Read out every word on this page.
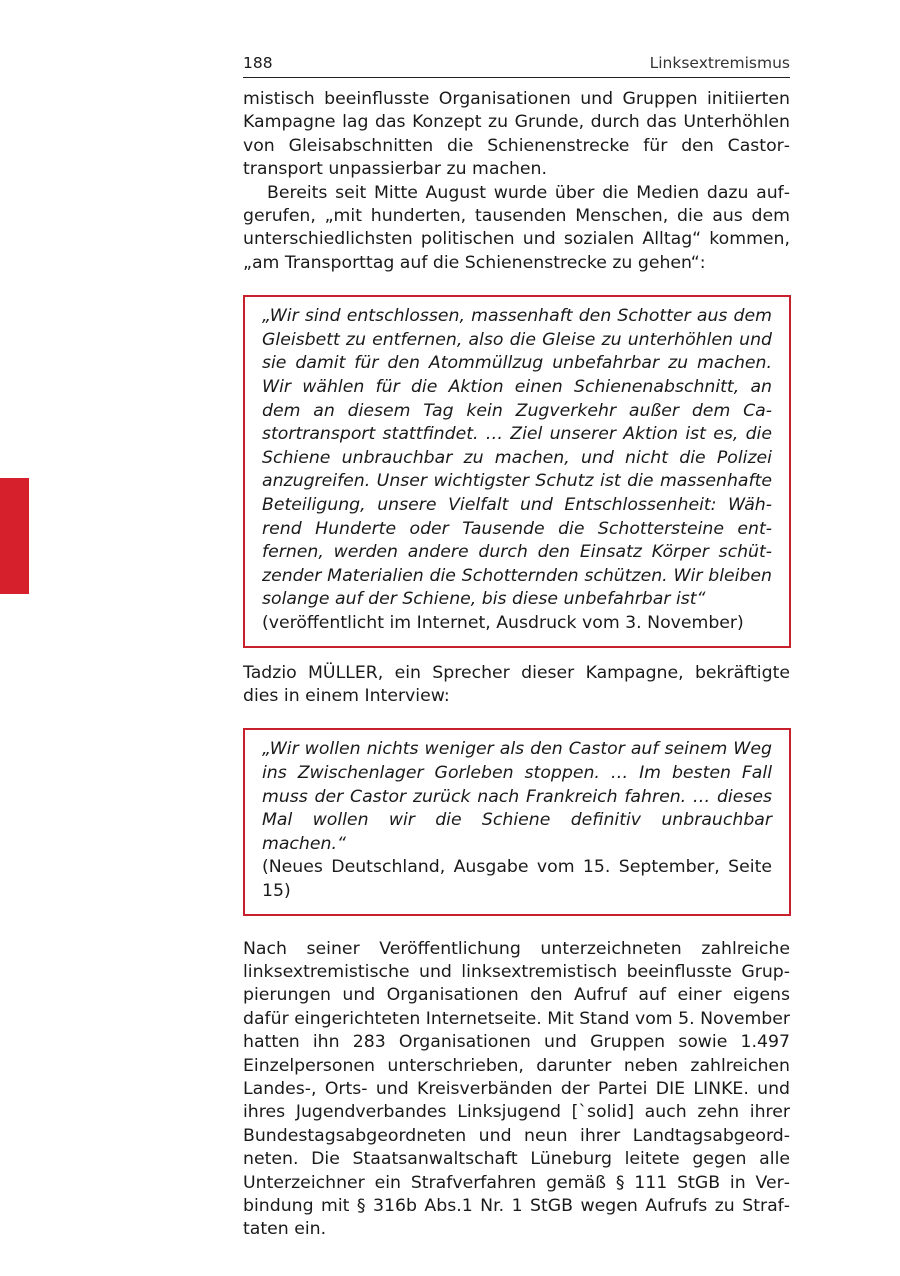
188	Linksextremismus

mistisch beeinflusste Organisationen und Gruppen initiierten Kampagne lag das Konzept zu Grunde, durch das Unterhöhlen von Gleisabschnitten die Schienenstrecke für den Castortransport unpassierbar zu machen.

Bereits seit Mitte August wurde über die Medien dazu aufgerufen, „mit hunderten, tausenden Menschen, die aus dem unterschiedlichsten politischen und sozialen Alltag“ kommen, „am Transporttag auf die Schienenstrecke zu gehen“:

„Wir sind entschlossen, massenhaft den Schotter aus dem Gleisbett zu entfernen, also die Gleise zu unterhöhlen und sie damit für den Atommüllzug unbefahrbar zu machen. Wir wählen für die Aktion einen Schienenabschnitt, an dem an diesem Tag kein Zugverkehr außer dem Castortransport stattfindet. … Ziel unserer Aktion ist es, die Schiene unbrauchbar zu machen, und nicht die Polizei anzugreifen. Unser wichtigster Schutz ist die massenhafte Beteiligung, unsere Vielfalt und Entschlossenheit: Während Hunderte oder Tausende die Schottersteine entfernen, werden andere durch den Einsatz Körper schützender Materialien die Schotternden schützen. Wir bleiben solange auf der Schiene, bis diese unbefahrbar ist“

(veröffentlicht im Internet, Ausdruck vom 3. November)

Tadzio MÜLLER, ein Sprecher dieser Kampagne, bekräftigte dies in einem Interview:

„Wir wollen nichts weniger als den Castor auf seinem Weg ins Zwischenlager Gorleben stoppen. … Im besten Fall muss der Castor zurück nach Frankreich fahren. … dieses Mal wollen wir die Schiene definitiv unbrauchbar machen.“

(Neues Deutschland, Ausgabe vom 15. September, Seite 15)

Nach seiner Veröffentlichung unterzeichneten zahlreiche linksextremistische und linksextremistisch beeinflusste Gruppierungen und Organisationen den Aufruf auf einer eigens dafür eingerichteten Internetseite. Mit Stand vom 5. November hatten ihn 283 Organisationen und Gruppen sowie 1.497 Einzelpersonen unterschrieben, darunter neben zahlreichen Landes-, Orts- und Kreisverbänden der Partei DIE LINKE. und ihres Jugendverbandes Linksjugend [`solid] auch zehn ihrer Bundestagsabgeordneten und neun ihrer Landtagsabgeordneten. Die Staatsanwaltschaft Lüneburg leitete gegen alle Unterzeichner ein Strafverfahren gemäß § 111 StGB in Verbindung mit § 316b Abs.1 Nr. 1 StGB wegen Aufrufs zu Straftaten ein.
